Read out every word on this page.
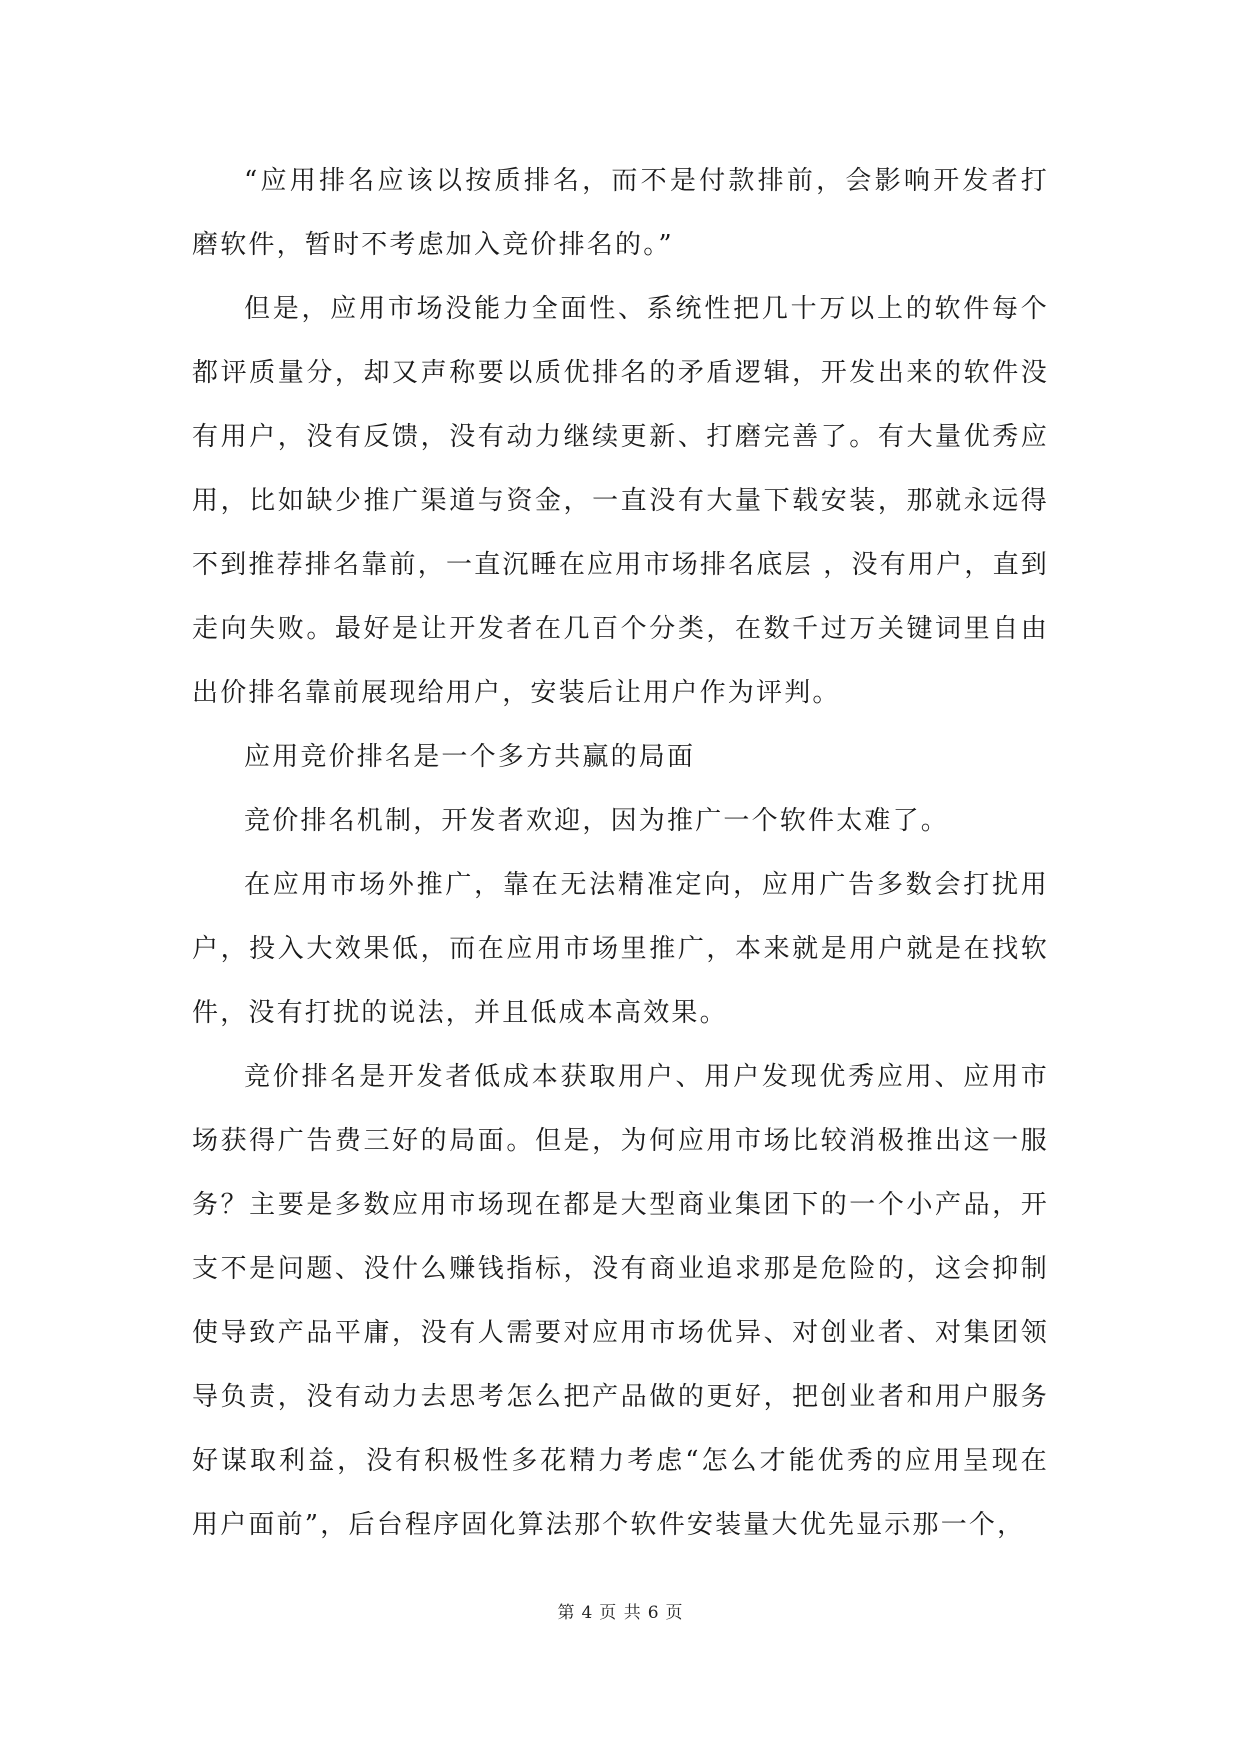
“应用排名应该以按质排名，而不是付款排前，会影响开发者打磨软件，暂时不考虑加入竞价排名的。”

但是，应用市场没能力全面性、系统性把几十万以上的软件每个都评质量分，却又声称要以质优排名的矛盾逻辑，开发出来的软件没有用户，没有反馈，没有动力继续更新、打磨完善了。有大量优秀应用，比如缺少推广渠道与资金，一直没有大量下载安装，那就永远得不到推荐排名靠前，一直沉睡在应用市场排名底层 ，没有用户，直到走向失败。最好是让开发者在几百个分类，在数千过万关键词里自由出价排名靠前展现给用户，安装后让用户作为评判。

应用竞价排名是一个多方共赢的局面

竞价排名机制，开发者欢迎，因为推广一个软件太难了。

在应用市场外推广，靠在无法精准定向，应用广告多数会打扰用户，投入大效果低，而在应用市场里推广，本来就是用户就是在找软件，没有打扰的说法，并且低成本高效果。

竞价排名是开发者低成本获取用户、用户发现优秀应用、应用市场获得广告费三好的局面。但是，为何应用市场比较消极推出这一服务？主要是多数应用市场现在都是大型商业集团下的一个小产品，开支不是问题、没什么赚钱指标，没有商业追求那是危险的，这会抑制使导致产品平庸，没有人需要对应用市场优异、对创业者、对集团领导负责，没有动力去思考怎么把产品做的更好，把创业者和用户服务好谋取利益，没有积极性多花精力考虑“怎么才能优秀的应用呈现在用户面前”，后台程序固化算法那个软件安装量大优先显示那一个，

第 4 页 共 6 页
